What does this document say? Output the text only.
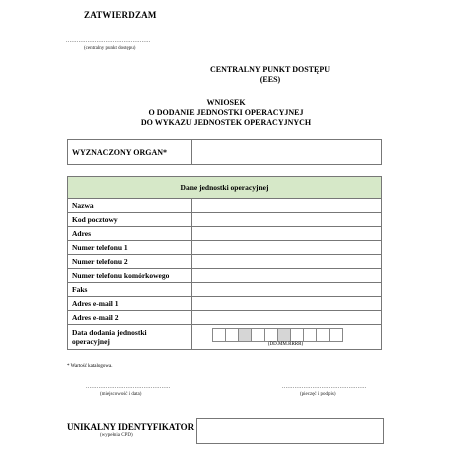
ZATWIERDZAM
...............................................
(centralny punkt dostępu)
CENTRALNY PUNKT DOSTĘPU
(EES)
WNIOSEK
O DODANIE JEDNOSTKI OPERACYJNEJ
DO WYKAZU JEDNOSTEK OPERACYJNYCH
WYZNACZONY ORGAN*	
Dane jednostki operacyjnej	
Nazwa	
Kod pocztowy	
Adres	
Numer telefonu 1	
Numer telefonu 2	
Numer telefonu komórkowego	
Faks	
Adres e-mail 1	
Adres e-mail 2	

Data dodania jednostki
operacyjnej	(DD.MM.RRRR)
* Wartość katalogowa.
...............................................
(miejscowość i data)
...............................................
(pieczęć i podpis)
UNIKALNY IDENTYFIKATOR
(wypełnia CPD)
